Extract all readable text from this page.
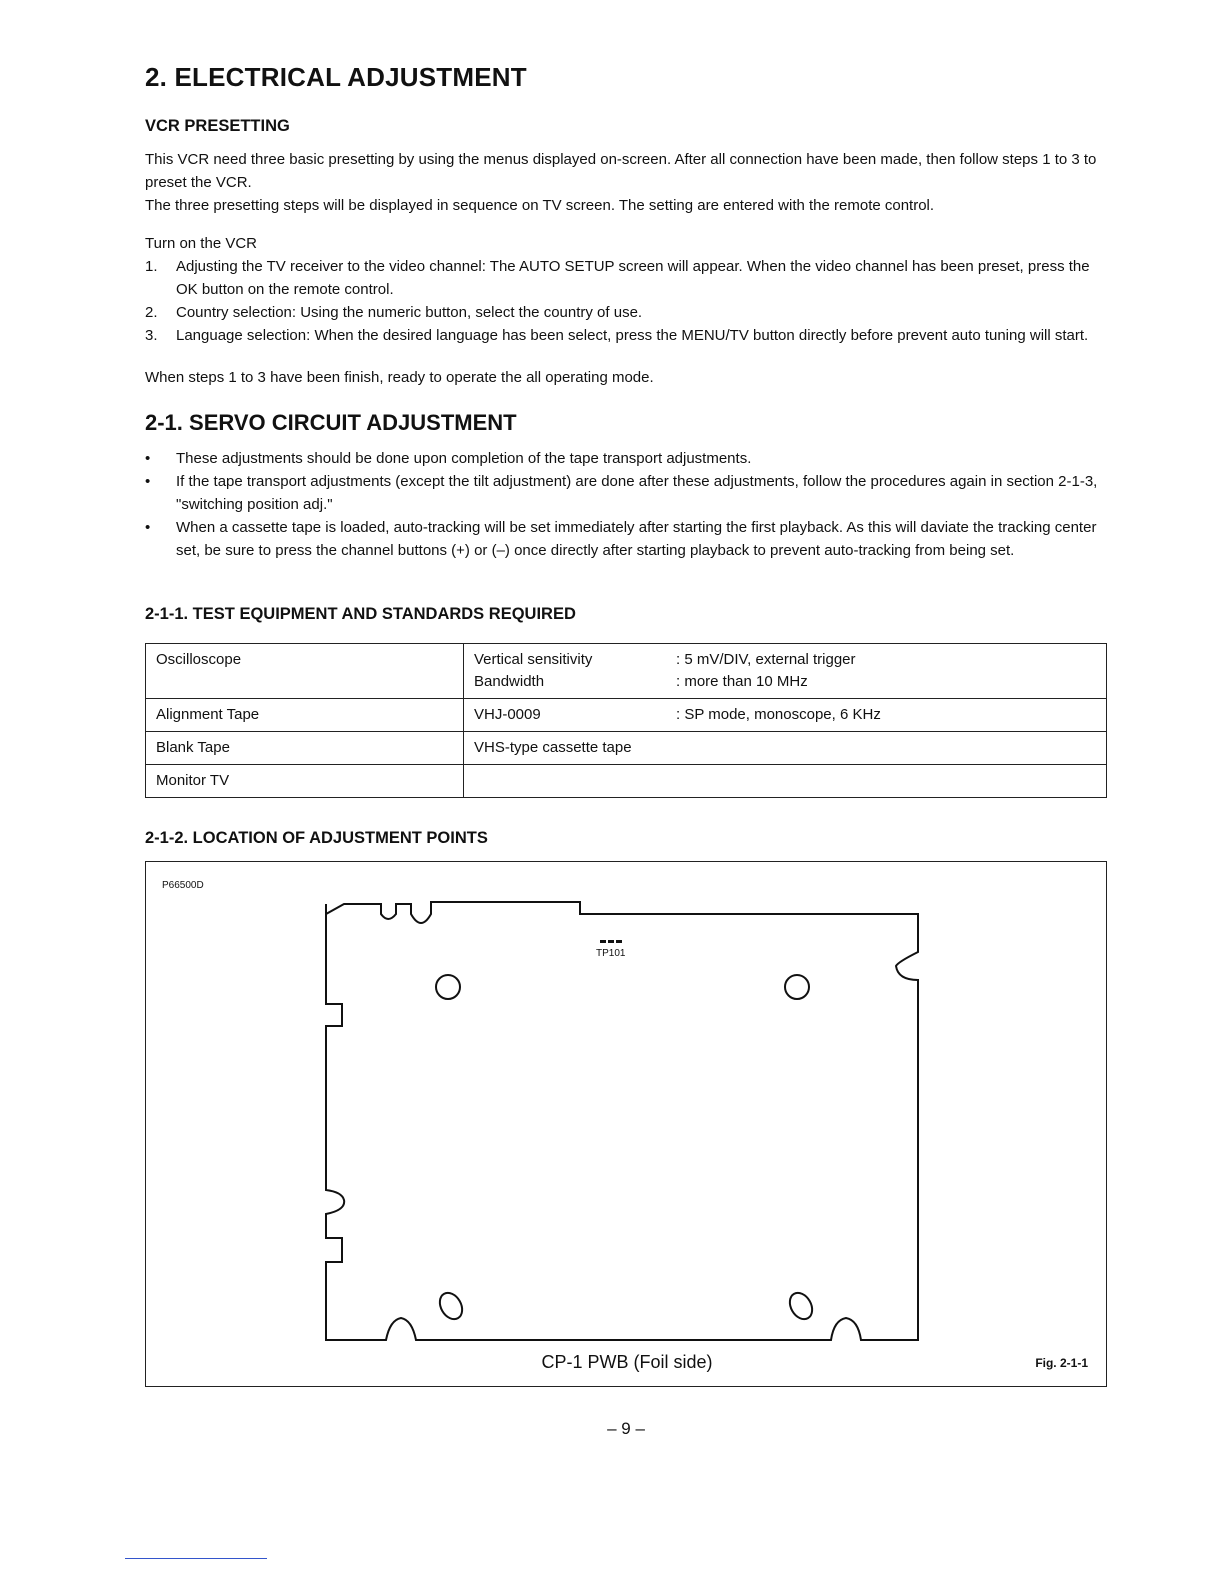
2. ELECTRICAL ADJUSTMENT
VCR PRESETTING

This VCR need three basic presetting by using the menus displayed on-screen. After all connection have been made, then follow steps 1 to 3 to preset the VCR.

The three presetting steps will be displayed in sequence on TV screen. The setting are entered with the remote control.

Turn on the VCR

1. Adjusting the TV receiver to the video channel: The AUTO SETUP screen will appear. When the video channel has been preset, press the OK button on the remote control.
2. Country selection: Using the numeric button, select the country of use.
3. Language selection: When the desired language has been select, press the MENU/TV button directly before prevent auto tuning will start.

When steps 1 to 3 have been finish, ready to operate the all operating mode.

2-1. SERVO CIRCUIT ADJUSTMENT
• These adjustments should be done upon completion of the tape transport adjustments.
• If the tape transport adjustments (except the tilt adjustment) are done after these adjustments, follow the procedures again in section 2-1-3, "switching position adj."
• When a cassette tape is loaded, auto-tracking will be set immediately after starting the first playback. As this will daviate the tracking center set, be sure to press the channel buttons (+) or (–) once directly after starting playback to prevent auto-tracking from being set.
2-1-1. TEST EQUIPMENT AND STANDARDS REQUIRED
Oscilloscope	Vertical sensitivity : 5 mV/DIV, external trigger
Bandwidth : more than 10 MHz

Alignment Tape	VHJ-0009 : SP mode, monoscope, 6 KHz

Blank Tape	VHS-type cassette tape

Monitor TV	
2-1-2. LOCATION OF ADJUSTMENT POINTS
P66500D
TP101
CP-1 PWB (Foil side)	Fig. 2-1-1
– 9 –
